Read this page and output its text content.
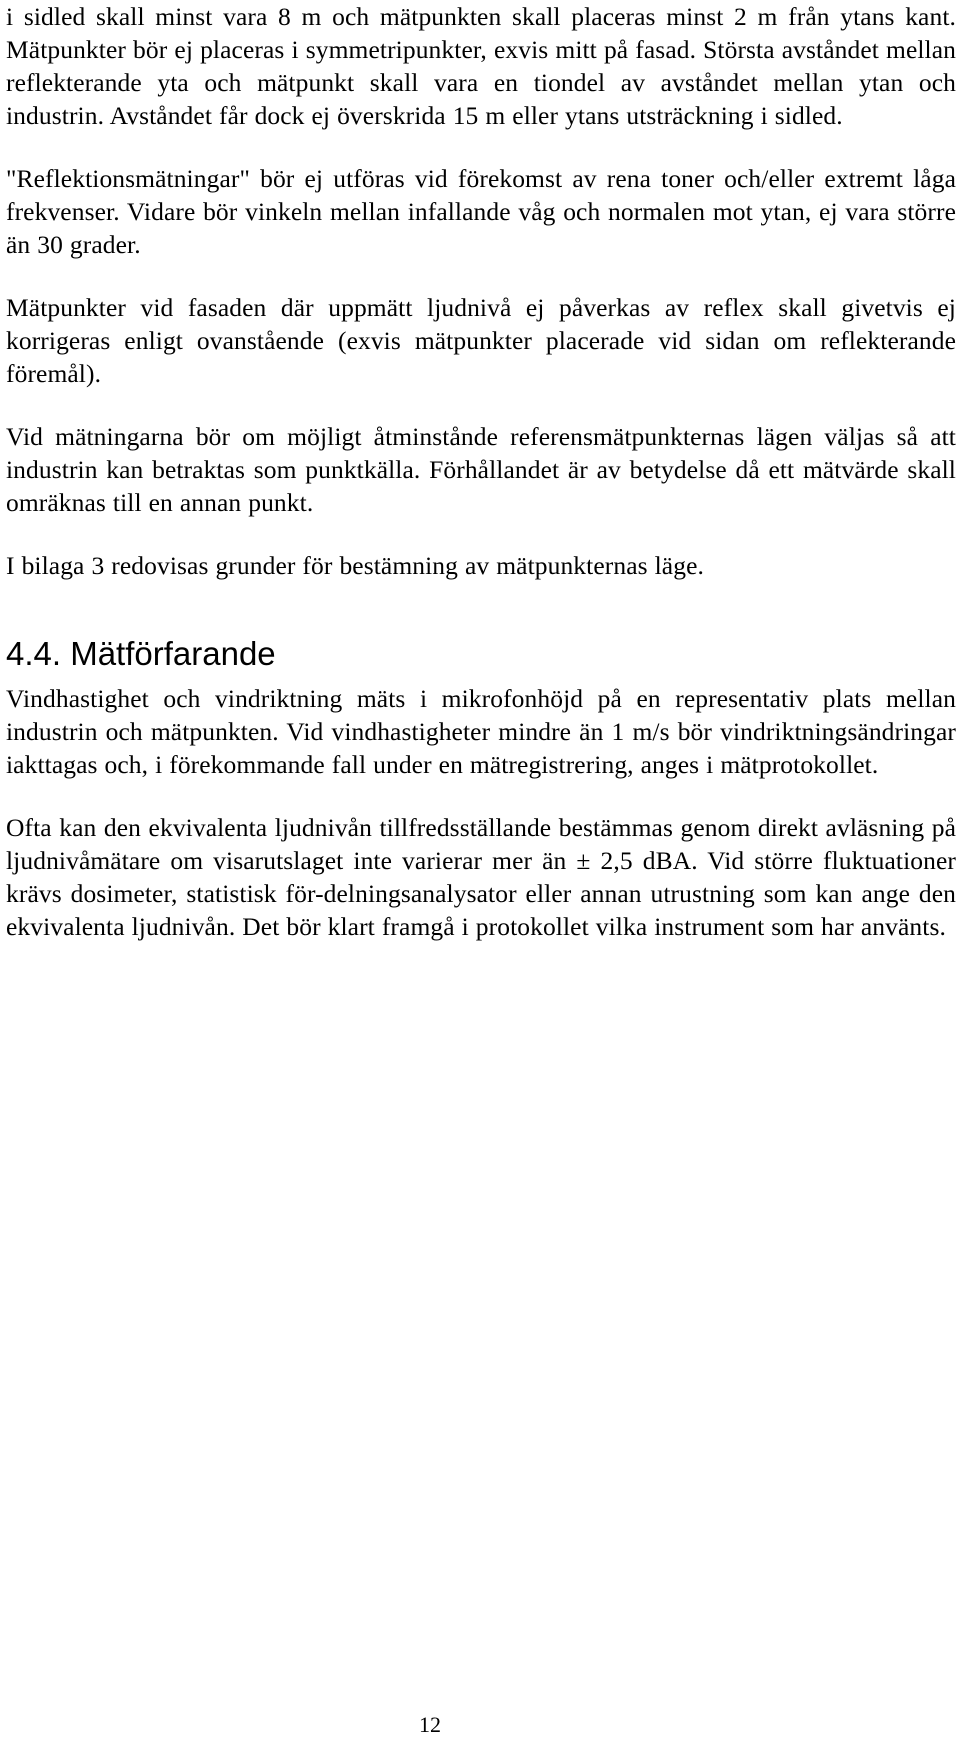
i sidled skall minst vara 8 m och mätpunkten skall placeras minst 2 m från ytans kant. Mätpunkter bör ej placeras i symmetripunkter, exvis mitt på fasad. Största avståndet mellan reflekterande yta och mätpunkt skall vara en tiondel av avståndet mellan ytan och industrin. Avståndet får dock ej överskrida 15 m eller ytans utsträckning i sidled.

"Reflektionsmätningar" bör ej utföras vid förekomst av rena toner och/eller extremt låga frekvenser. Vidare bör vinkeln mellan infallande våg och normalen mot ytan, ej vara större än 30 grader.

Mätpunkter vid fasaden där uppmätt ljudnivå ej påverkas av reflex skall givetvis ej korrigeras enligt ovanstående (exvis mätpunkter placerade vid sidan om reflekterande föremål).

Vid mätningarna bör om möjligt åtminstånde referensmätpunkternas lägen väljas så att industrin kan betraktas som punktkälla. Förhållandet är av betydelse då ett mätvärde skall omräknas till en annan punkt.

I bilaga 3 redovisas grunder för bestämning av mätpunkternas läge.

4.4. Mätförfarande

Vindhastighet och vindriktning mäts i mikrofonhöjd på en representativ plats mellan industrin och mätpunkten. Vid vindhastigheter mindre än 1 m/s bör vindriktningsändringar iakttagas och, i förekommande fall under en mätregistrering, anges i mätprotokollet.

Ofta kan den ekvivalenta ljudnivån tillfredsställande bestämmas genom direkt avläsning på ljudnivåmätare om visarutslaget inte varierar mer än ± 2,5 dBA. Vid större fluktuationer krävs dosimeter, statistisk för-delningsanalysator eller annan utrustning som kan ange den ekvivalenta ljudnivån. Det bör klart framgå i protokollet vilka instrument som har använts.

12
